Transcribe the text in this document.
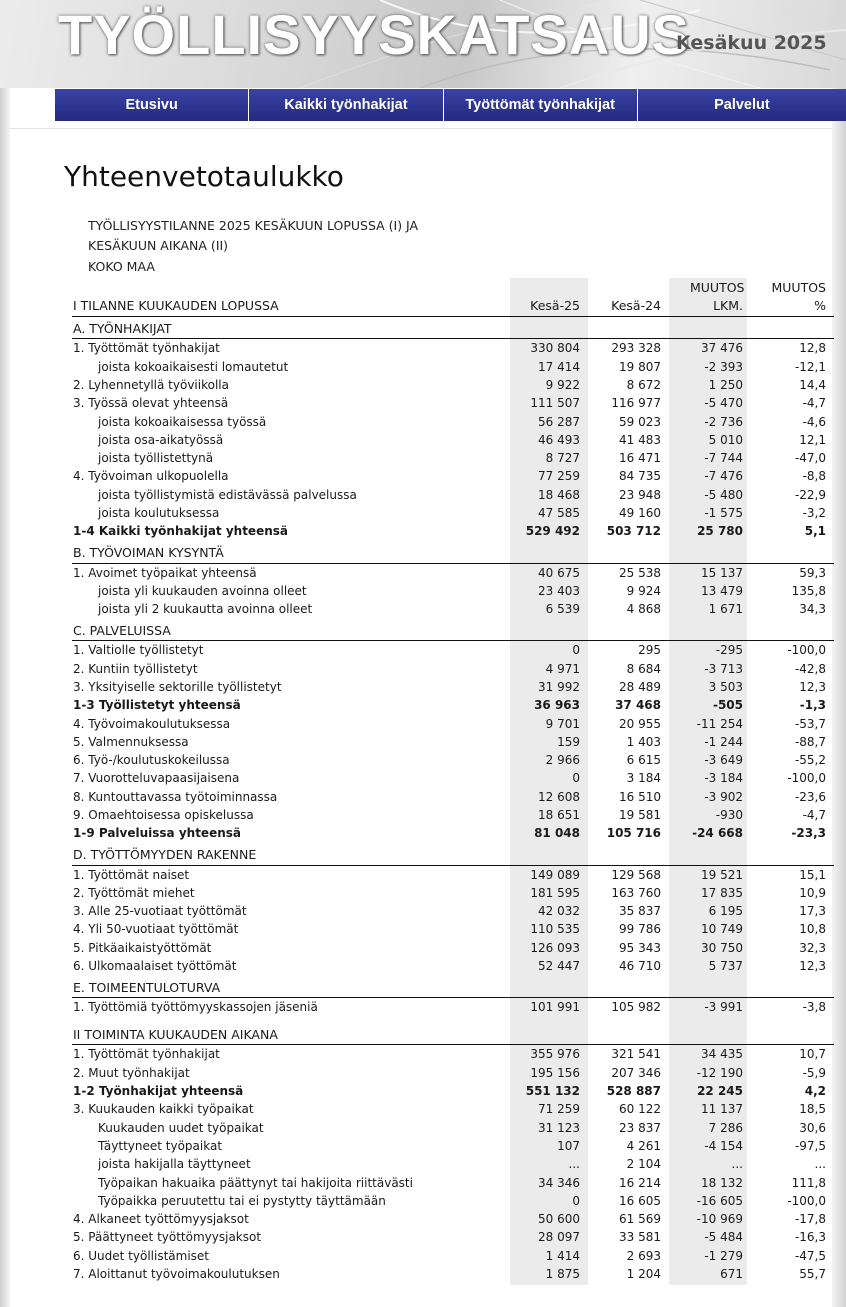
TYÖLLISYYSKATSAUS
Kesäkuu 2025
Etusivu	Kaikki työnhakijat	Työttömät työnhakijat	Palvelut
Yhteenvetotaulukko
TYÖLLISYYSTILANNE 2025 KESÄKUUN LOPUSSA (I) JA
KESÄKUUN AIKANA (II)
KOKO MAA
MUUTOS	MUUTOS
I TILANNE KUUKAUDEN LOPUSSA	Kesä-25	Kesä-24	LKM.	%
A. TYÖNHAKIJAT
1. Työttömät työnhakijat	330 804	293 328	37 476	12,8
joista kokoaikaisesti lomautetut	17 414	19 807	-2 393	-12,1
2. Lyhennetyllä työviikolla	9 922	8 672	1 250	14,4
3. Työssä olevat yhteensä	111 507	116 977	-5 470	-4,7
joista kokoaikaisessa työssä	56 287	59 023	-2 736	-4,6
joista osa-aikatyössä	46 493	41 483	5 010	12,1
joista työllistettynä	8 727	16 471	-7 744	-47,0
4. Työvoiman ulkopuolella	77 259	84 735	-7 476	-8,8
joista työllistymistä edistävässä palvelussa	18 468	23 948	-5 480	-22,9
joista koulutuksessa	47 585	49 160	-1 575	-3,2
1-4 Kaikki työnhakijat yhteensä	529 492	503 712	25 780	5,1
B. TYÖVOIMAN KYSYNTÄ
1. Avoimet työpaikat yhteensä	40 675	25 538	15 137	59,3
joista yli kuukauden avoinna olleet	23 403	9 924	13 479	135,8
joista yli 2 kuukautta avoinna olleet	6 539	4 868	1 671	34,3
C. PALVELUISSA
1. Valtiolle työllistetyt	0	295	-295	-100,0
2. Kuntiin työllistetyt	4 971	8 684	-3 713	-42,8
3. Yksityiselle sektorille työllistetyt	31 992	28 489	3 503	12,3
1-3 Työllistetyt yhteensä	36 963	37 468	-505	-1,3
4. Työvoimakoulutuksessa	9 701	20 955	-11 254	-53,7
5. Valmennuksessa	159	1 403	-1 244	-88,7
6. Työ-/koulutuskokeilussa	2 966	6 615	-3 649	-55,2
7. Vuorotteluvapaasijaisena	0	3 184	-3 184	-100,0
8. Kuntouttavassa työtoiminnassa	12 608	16 510	-3 902	-23,6
9. Omaehtoisessa opiskelussa	18 651	19 581	-930	-4,7
1-9 Palveluissa yhteensä	81 048	105 716	-24 668	-23,3
D. TYÖTTÖMYYDEN RAKENNE
1. Työttömät naiset	149 089	129 568	19 521	15,1
2. Työttömät miehet	181 595	163 760	17 835	10,9
3. Alle 25-vuotiaat työttömät	42 032	35 837	6 195	17,3
4. Yli 50-vuotiaat työttömät	110 535	99 786	10 749	10,8
5. Pitkäaikaistyöttömät	126 093	95 343	30 750	32,3
6. Ulkomaalaiset työttömät	52 447	46 710	5 737	12,3
E. TOIMEENTULOTURVA
1. Työttömiä työttömyyskassojen jäseniä	101 991	105 982	-3 991	-3,8
II TOIMINTA KUUKAUDEN AIKANA
1. Työttömät työnhakijat	355 976	321 541	34 435	10,7
2. Muut työnhakijat	195 156	207 346	-12 190	-5,9
1-2 Työnhakijat yhteensä	551 132	528 887	22 245	4,2
3. Kuukauden kaikki työpaikat	71 259	60 122	11 137	18,5
Kuukauden uudet työpaikat	31 123	23 837	7 286	30,6
Täyttyneet työpaikat	107	4 261	-4 154	-97,5
joista hakijalla täyttyneet	...	2 104	...	...
Työpaikan hakuaika päättynyt tai hakijoita riittävästi	34 346	16 214	18 132	111,8
Työpaikka peruutettu tai ei pystytty täyttämään	0	16 605	-16 605	-100,0
4. Alkaneet työttömyysjaksot	50 600	61 569	-10 969	-17,8
5. Päättyneet työttömyysjaksot	28 097	33 581	-5 484	-16,3
6. Uudet työllistämiset	1 414	2 693	-1 279	-47,5
7. Aloittanut työvoimakoulutuksen	1 875	1 204	671	55,7
